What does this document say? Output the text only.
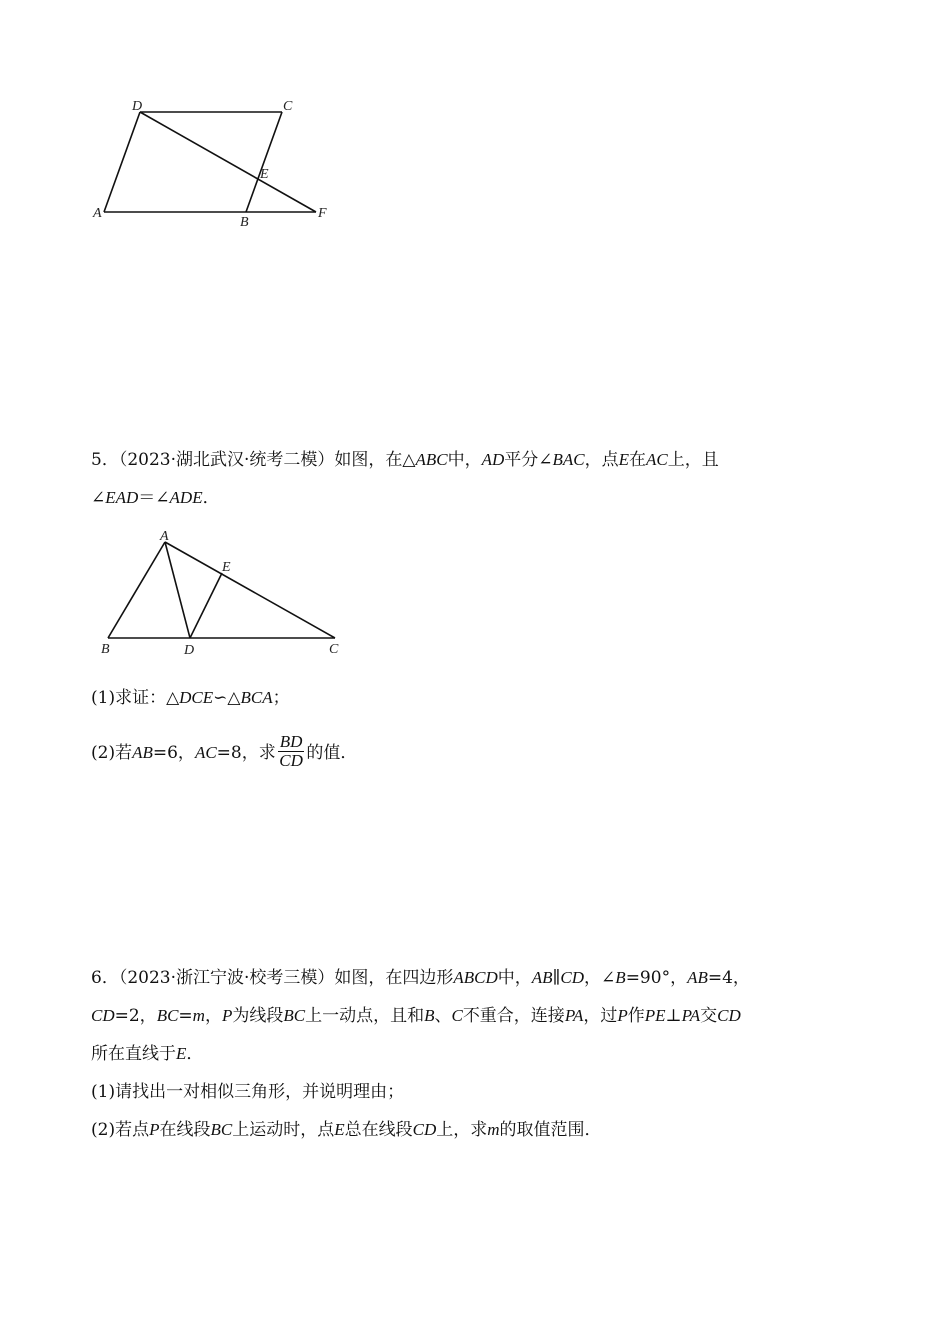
D	C
E
A
B
F
5．（2023·湖北武汉·统考二模）如图，在△ABC中，AD平分∠BAC，点E在AC上，且
∠EAD＝∠ADE．
A
E
B	D	C
(1)求证：△DCE∽△BCA；
(2)若AB=6，AC=8，求 $\frac{BD}{CD}$ 的值．
6．（2023·浙江宁波·校考三模）如图，在四边形ABCD中，AB∥CD，∠B=90°，AB=4，
CD=2，BC=m，P为线段BC上一动点，且和B、C不重合，连接PA，过P作PE⊥PA交CD
所在直线于E．
(1)请找出一对相似三角形，并说明理由；
(2)若点P在线段BC上运动时，点E总在线段CD上，求m的取值范围．
